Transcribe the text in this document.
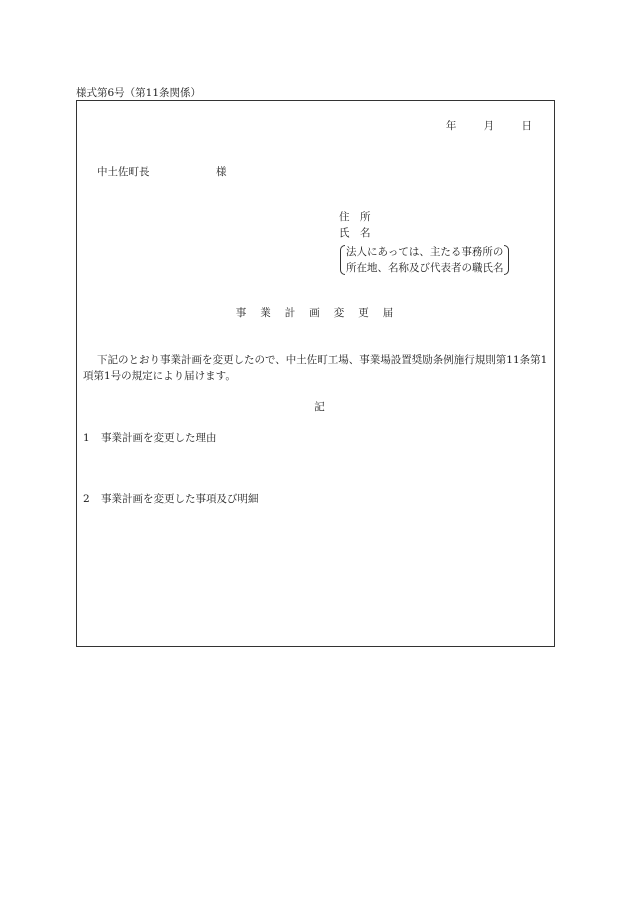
様式第6号（第11条関係）
年	月	日
中土佐町長	様
住　所
氏　名
法人にあっては、主たる事務所の
所在地、名称及び代表者の職氏名
事業計画変更届
下記のとおり事業計画を変更したので、中土佐町工場、事業場設置奨励条例施行規則第11条第1項第1号の規定により届けます。
記
1 事業計画を変更した理由
2 事業計画を変更した事項及び明細
